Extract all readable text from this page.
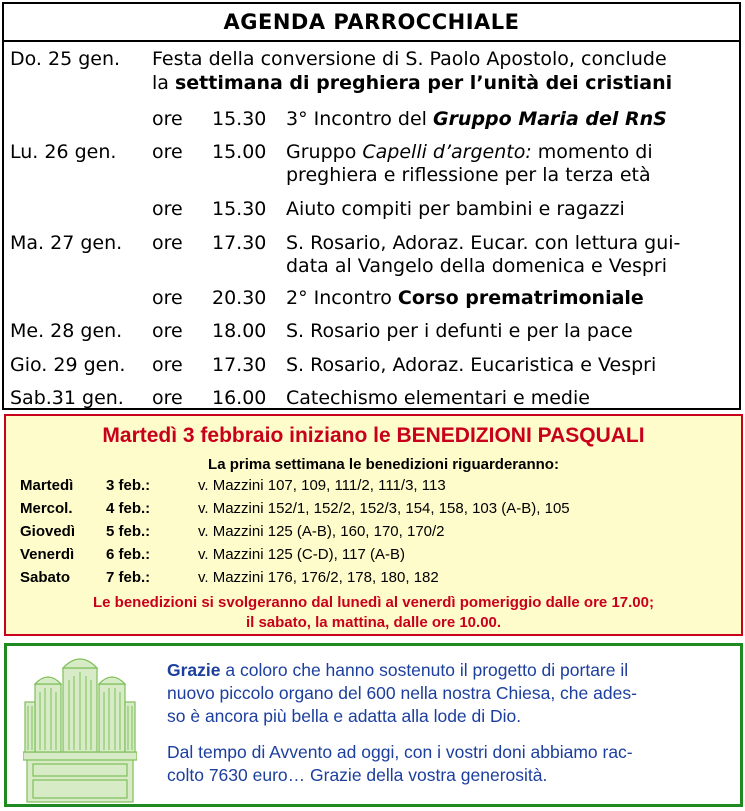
AGENDA PARROCCHIALE
Do. 25 gen. Festa della conversione di S. Paolo Apostolo, conclude
la settimana di preghiera per l’unità dei cristiani
ore 15.30 3° Incontro del Gruppo Maria del RnS
Lu. 26 gen. ore 15.00 Gruppo Capelli d’argento: momento di preghiera e riflessione per la terza età
ore 15.30 Aiuto compiti per bambini e ragazzi
Ma. 27 gen. ore 17.30 S. Rosario, Adoraz. Eucar. con lettura gui-
data al Vangelo della domenica e Vespri
ore 20.30 2° Incontro Corso prematrimoniale
Me. 28 gen. ore 18.00 S. Rosario per i defunti e per la pace
Gio. 29 gen. ore 17.30 S. Rosario, Adoraz. Eucaristica e Vespri
Sab.31 gen. ore 16.00 Catechismo elementari e medie
Martedì 3 febbraio iniziano le BENEDIZIONI PASQUALI
La prima settimana le benedizioni riguarderanno:
Martedì 3 feb.:	v. Mazzini 107, 109, 111/2, 111/3, 113
Mercol. 4 feb.:	v. Mazzini 152/1, 152/2, 152/3, 154, 158, 103 (A-B), 105
Giovedì 5 feb.:	v. Mazzini 125 (A-B), 160, 170, 170/2
Venerdì 6 feb.:	v. Mazzini 125 (C-D), 117 (A-B)
Sabato 7 feb.:	v. Mazzini 176, 176/2, 178, 180, 182
Le benedizioni si svolgeranno dal lunedì al venerdì pomeriggio dalle ore 17.00;
il sabato, la mattina, dalle ore 10.00.
Grazie a coloro che hanno sostenuto il progetto di portare il
nuovo piccolo organo del 600 nella nostra Chiesa, che ades-
so è ancora più bella e adatta alla lode di Dio.
Dal tempo di Avvento ad oggi, con i vostri doni abbiamo rac-
colto 7630 euro… Grazie della vostra generosità.
